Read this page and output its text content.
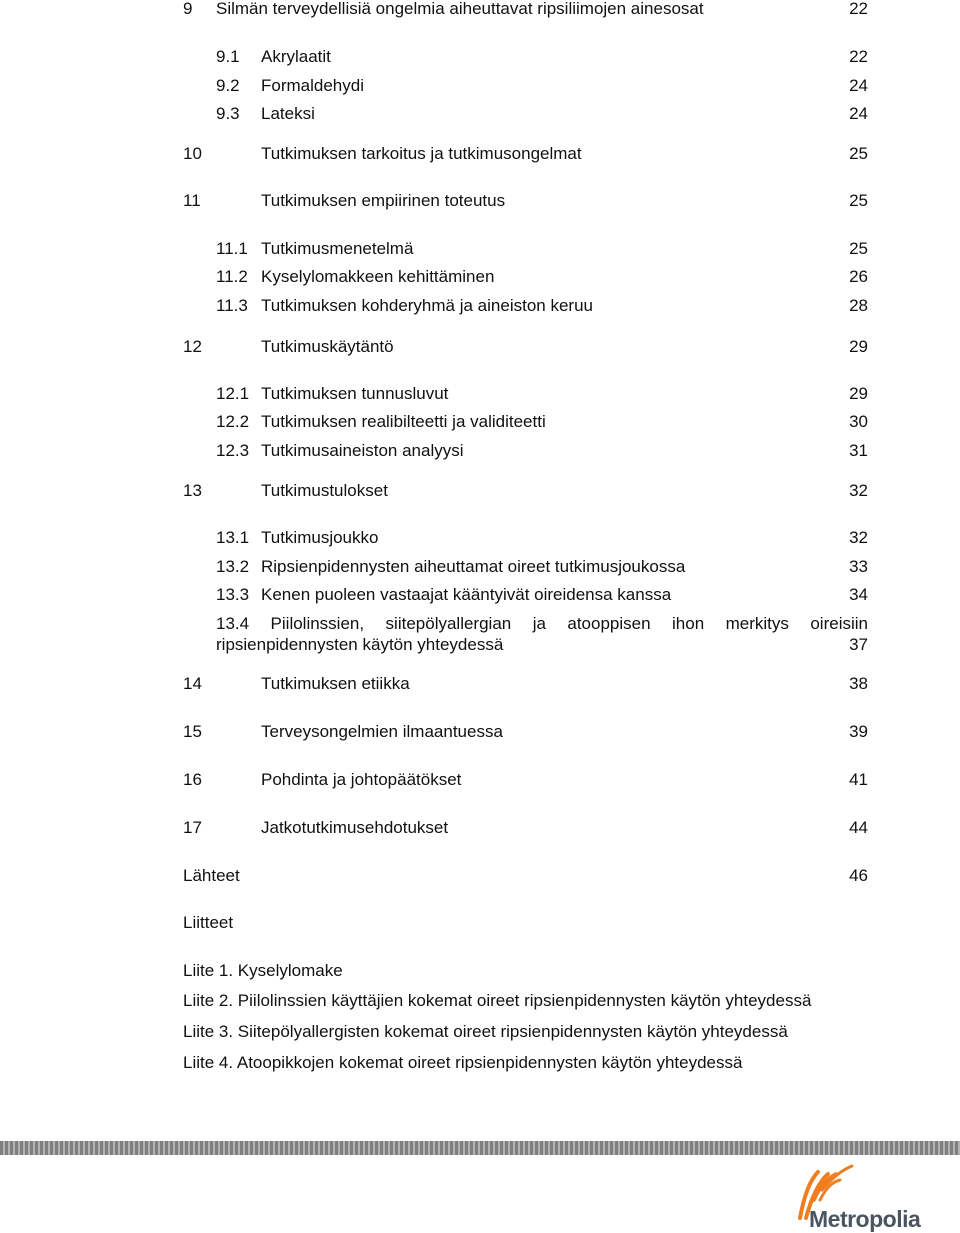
9 Silmän terveydellisiä ongelmia aiheuttavat ripsiliimojen ainesosat	22
9.1 Akrylaatit	22
9.2 Formaldehydi	24
9.3 Lateksi	24
10	Tutkimuksen tarkoitus ja tutkimusongelmat	25
11	Tutkimuksen empiirinen toteutus	25
11.1 Tutkimusmenetelmä	25
11.2 Kyselylomakkeen kehittäminen	26
11.3 Tutkimuksen kohderyhmä ja aineiston keruu	28
12	Tutkimuskäytäntö	29
12.1 Tutkimuksen tunnusluvut	29
12.2 Tutkimuksen realibilteetti ja validiteetti	30
12.3 Tutkimusaineiston analyysi	31
13	Tutkimustulokset	32
13.1 Tutkimusjoukko	32
13.2 Ripsienpidennysten aiheuttamat oireet tutkimusjoukossa	33
13.3 Kenen puoleen vastaajat kääntyivät oireidensa kanssa	34
13.4 Piilolinssien, siitepölyallergian ja atooppisen ihon merkitys oireisiin
ripsienpidennysten käytön yhteydessä	37
14	Tutkimuksen etiikka	38
15	Terveysongelmien ilmaantuessa	39
16	Pohdinta ja johtopäätökset	41
17	Jatkotutkimusehdotukset	44
Lähteet	46
Liitteet
Liite 1. Kyselylomake
Liite 2. Piilolinssien käyttäjien kokemat oireet ripsienpidennysten käytön yhteydessä
Liite 3. Siitepölyallergisten kokemat oireet ripsienpidennysten käytön yhteydessä
Liite 4. Atoopikkojen kokemat oireet ripsienpidennysten käytön yhteydessä
Metropolia
